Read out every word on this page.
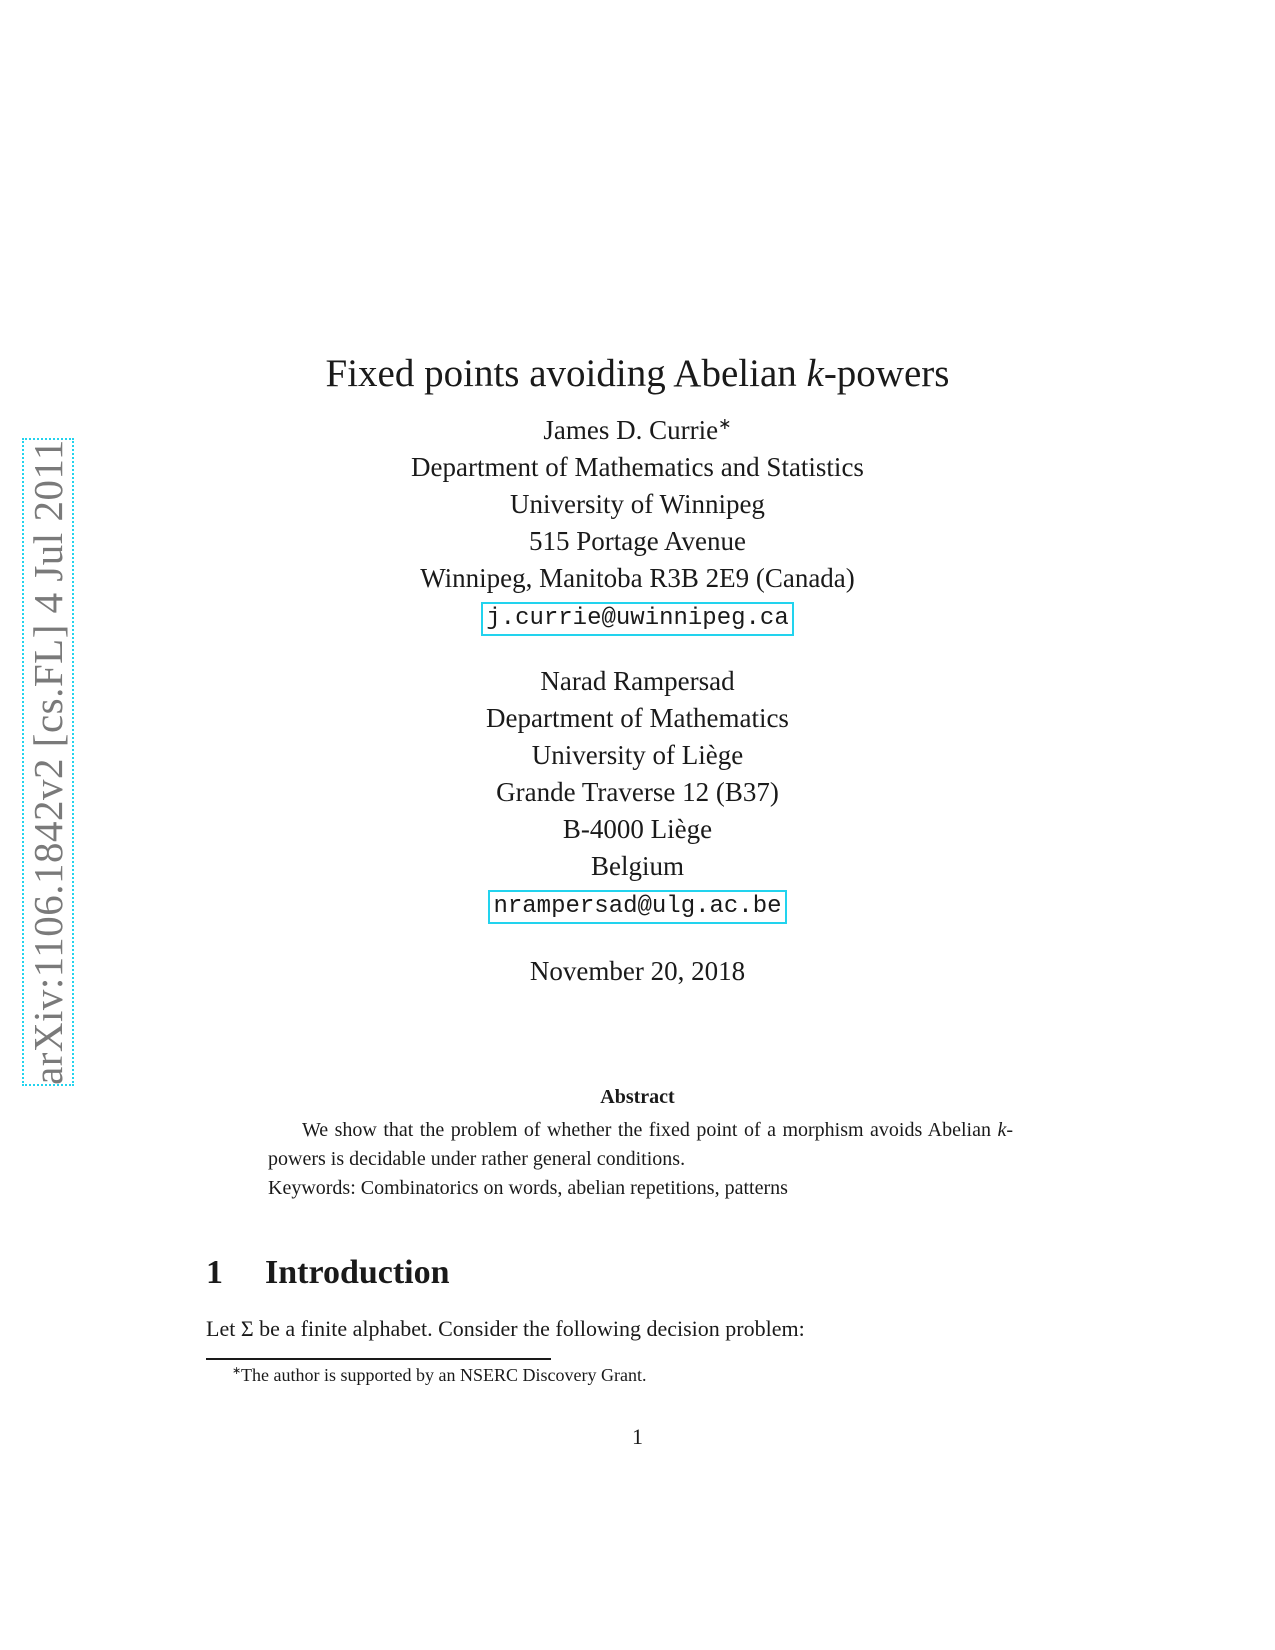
arXiv:1106.1842v2 [cs.FL] 4 Jul 2011
Fixed points avoiding Abelian k-powers
James D. Currie∗
Department of Mathematics and Statistics
University of Winnipeg
515 Portage Avenue
Winnipeg, Manitoba R3B 2E9 (Canada)
j.currie@uwinnipeg.ca
Narad Rampersad
Department of Mathematics
University of Liège
Grande Traverse 12 (B37)
B-4000 Liège
Belgium
nrampersad@ulg.ac.be
November 20, 2018
Abstract

We show that the problem of whether the fixed point of a morphism avoids Abelian k-powers is decidable under rather general conditions.

Keywords: Combinatorics on words, abelian repetitions, patterns

1 Introduction
Let Σ be a finite alphabet. Consider the following decision problem:
∗The author is supported by an NSERC Discovery Grant.
1
